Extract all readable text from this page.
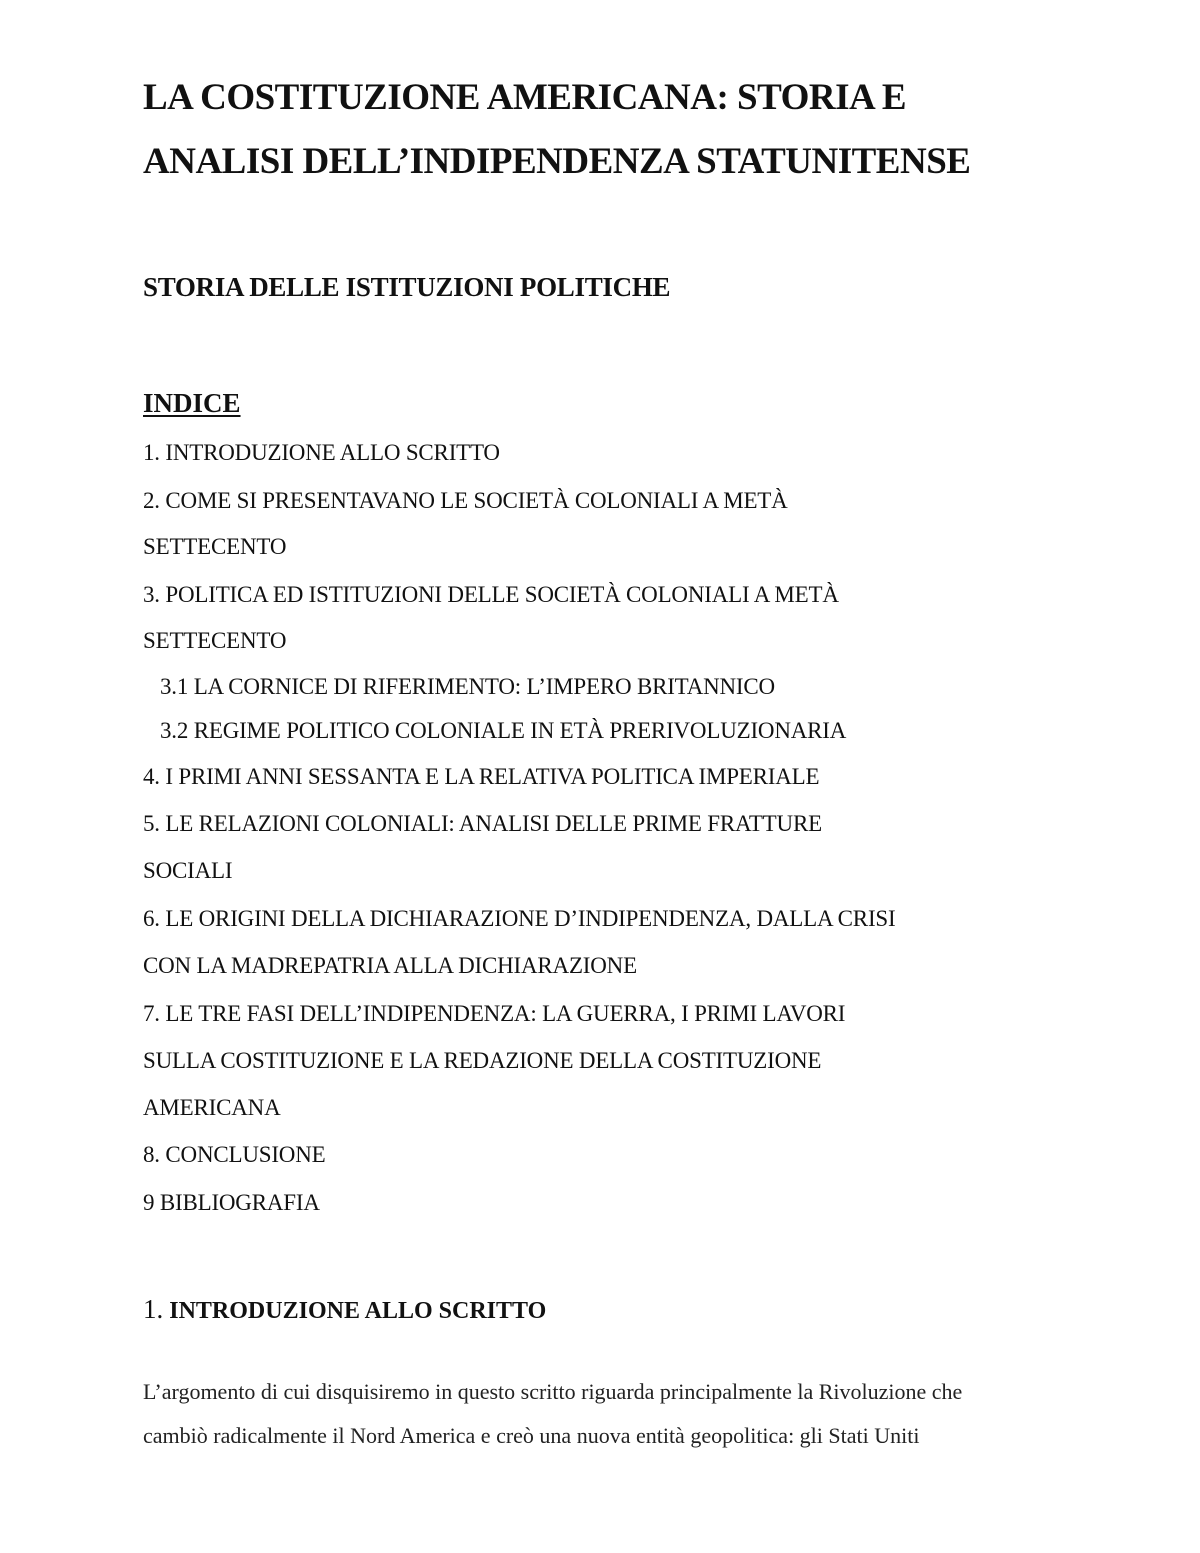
LA COSTITUZIONE AMERICANA: STORIA E
ANALISI DELL’INDIPENDENZA STATUNITENSE
STORIA DELLE ISTITUZIONI POLITICHE
INDICE
1. INTRODUZIONE ALLO SCRITTO
2. COME SI PRESENTAVANO LE SOCIETÀ COLONIALI A METÀ
SETTECENTO
3. POLITICA ED ISTITUZIONI DELLE SOCIETÀ COLONIALI A METÀ
SETTECENTO
3.1 LA CORNICE DI RIFERIMENTO: L’IMPERO BRITANNICO
3.2 REGIME POLITICO COLONIALE IN ETÀ PRERIVOLUZIONARIA
4. I PRIMI ANNI SESSANTA E LA RELATIVA POLITICA IMPERIALE
5. LE RELAZIONI COLONIALI: ANALISI DELLE PRIME FRATTURE
SOCIALI
6. LE ORIGINI DELLA DICHIARAZIONE D’INDIPENDENZA, DALLA CRISI
CON LA MADREPATRIA ALLA DICHIARAZIONE
7. LE TRE FASI DELL’INDIPENDENZA: LA GUERRA, I PRIMI LAVORI
SULLA COSTITUZIONE E LA REDAZIONE DELLA COSTITUZIONE
AMERICANA
8. CONCLUSIONE
9 BIBLIOGRAFIA
1. INTRODUZIONE ALLO SCRITTO
L’argomento di cui disquisiremo in questo scritto riguarda principalmente la Rivoluzione che
cambiò radicalmente il Nord America e creò una nuova entità geopolitica: gli Stati Uniti
